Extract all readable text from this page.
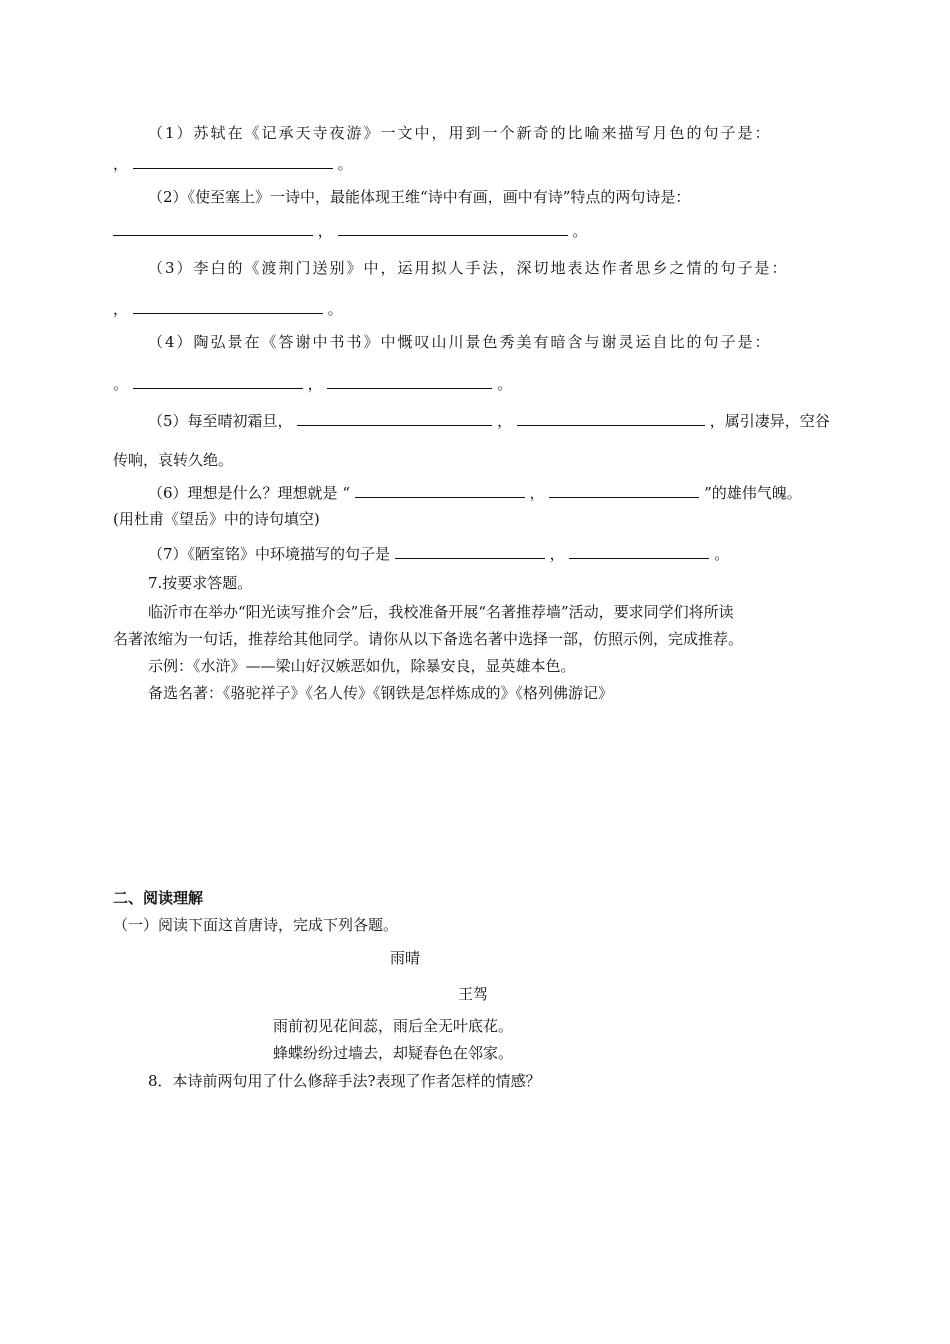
（1）苏轼在《记承天寺夜游》一文中，用到一个新奇的比喻来描写月色的句子是：
，	。
（2）《使至塞上》一诗中，最能体现王维“诗中有画，画中有诗”特点的两句诗是：
，	。
（3）李白的《渡荆门送别》中，运用拟人手法，深切地表达作者思乡之情的句子是：
，	。
（4）陶弘景在《答谢中书书》中慨叹山川景色秀美有暗含与谢灵运自比的句子是：
。	，	。
（5）每至晴初霜旦，	，	，属引凄异，空谷
传响，哀转久绝。
（6）理想是什么？理想就是 “	，	”的雄伟气魄。
(用杜甫《望岳》中的诗句填空)
（7）《陋室铭》中环境描写的句子是	，	。
7.按要求答题。
临沂市在举办“阳光读写推介会”后，我校准备开展“名著推荐墙”活动，要求同学们将所读
名著浓缩为一句话，推荐给其他同学。请你从以下备选名著中选择一部，仿照示例，完成推荐。
示例：《水浒》——梁山好汉嫉恶如仇，除暴安良，显英雄本色。
备选名著：《骆驼祥子》《名人传》《钢铁是怎样炼成的》《格列佛游记》
二、阅读理解
（一）阅读下面这首唐诗，完成下列各题。
雨晴
王驾
雨前初见花间蕊，雨后全无叶底花。
蜂蝶纷纷过墙去，却疑春色在邻家。
8．本诗前两句用了什么修辞手法?表现了作者怎样的情感？
